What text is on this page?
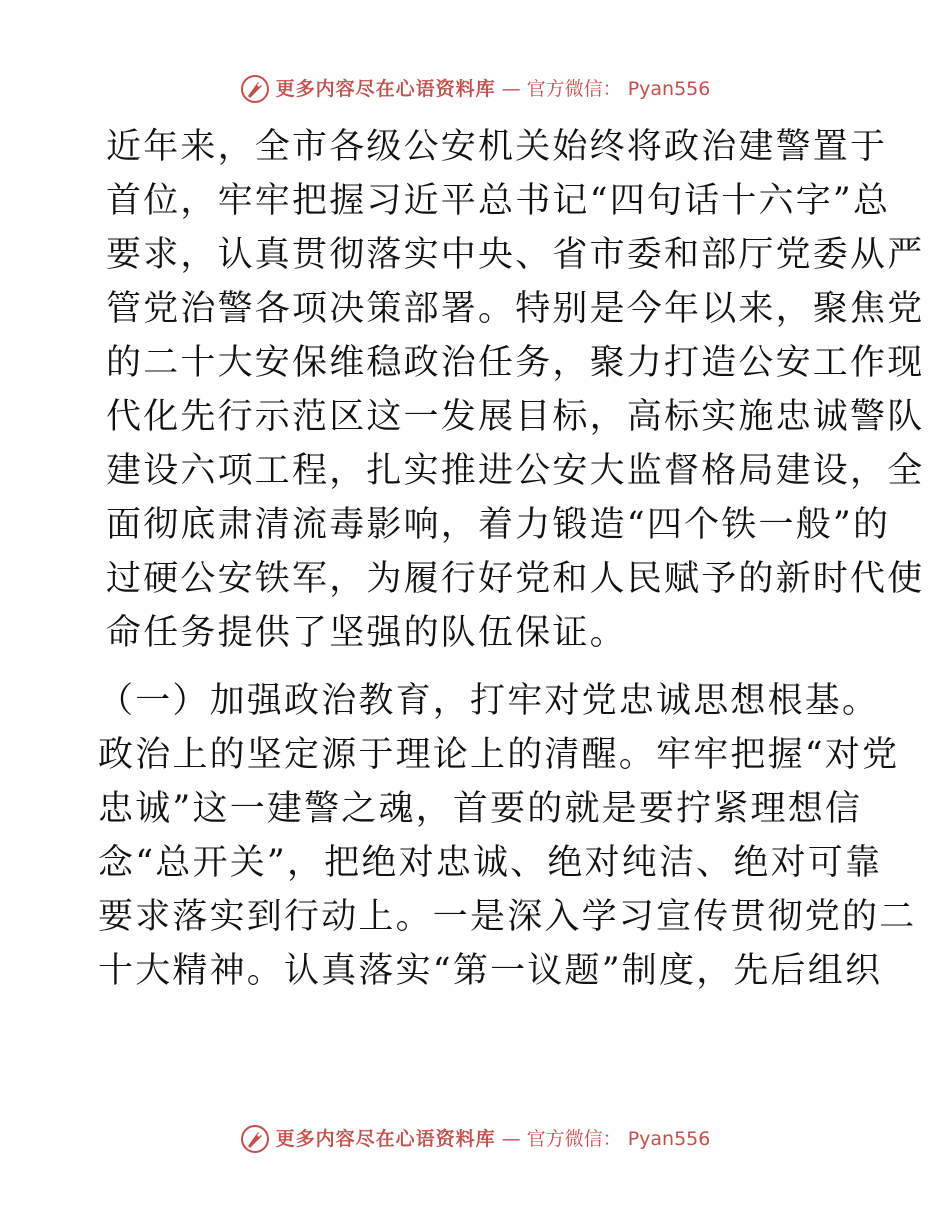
更多内容尽在心语资料库 — 官方微信： Pyan556
近年来，全市各级公安机关始终将政治建警置于
首位，牢牢把握习近平总书记“四句话十六字”总
要求，认真贯彻落实中央、省市委和部厅党委从严
管党治警各项决策部署。特别是今年以来，聚焦党
的二十大安保维稳政治任务，聚力打造公安工作现
代化先行示范区这一发展目标，高标实施忠诚警队
建设六项工程，扎实推进公安大监督格局建设，全
面彻底肃清流毒影响，着力锻造“四个铁一般”的
过硬公安铁军，为履行好党和人民赋予的新时代使
命任务提供了坚强的队伍保证。
（一）加强政治教育，打牢对党忠诚思想根基。
政治上的坚定源于理论上的清醒。牢牢把握“对党
忠诚”这一建警之魂，首要的就是要拧紧理想信
念“总开关”，把绝对忠诚、绝对纯洁、绝对可靠
要求落实到行动上。一是深入学习宣传贯彻党的二
十大精神。认真落实“第一议题”制度，先后组织
更多内容尽在心语资料库 — 官方微信： Pyan556
